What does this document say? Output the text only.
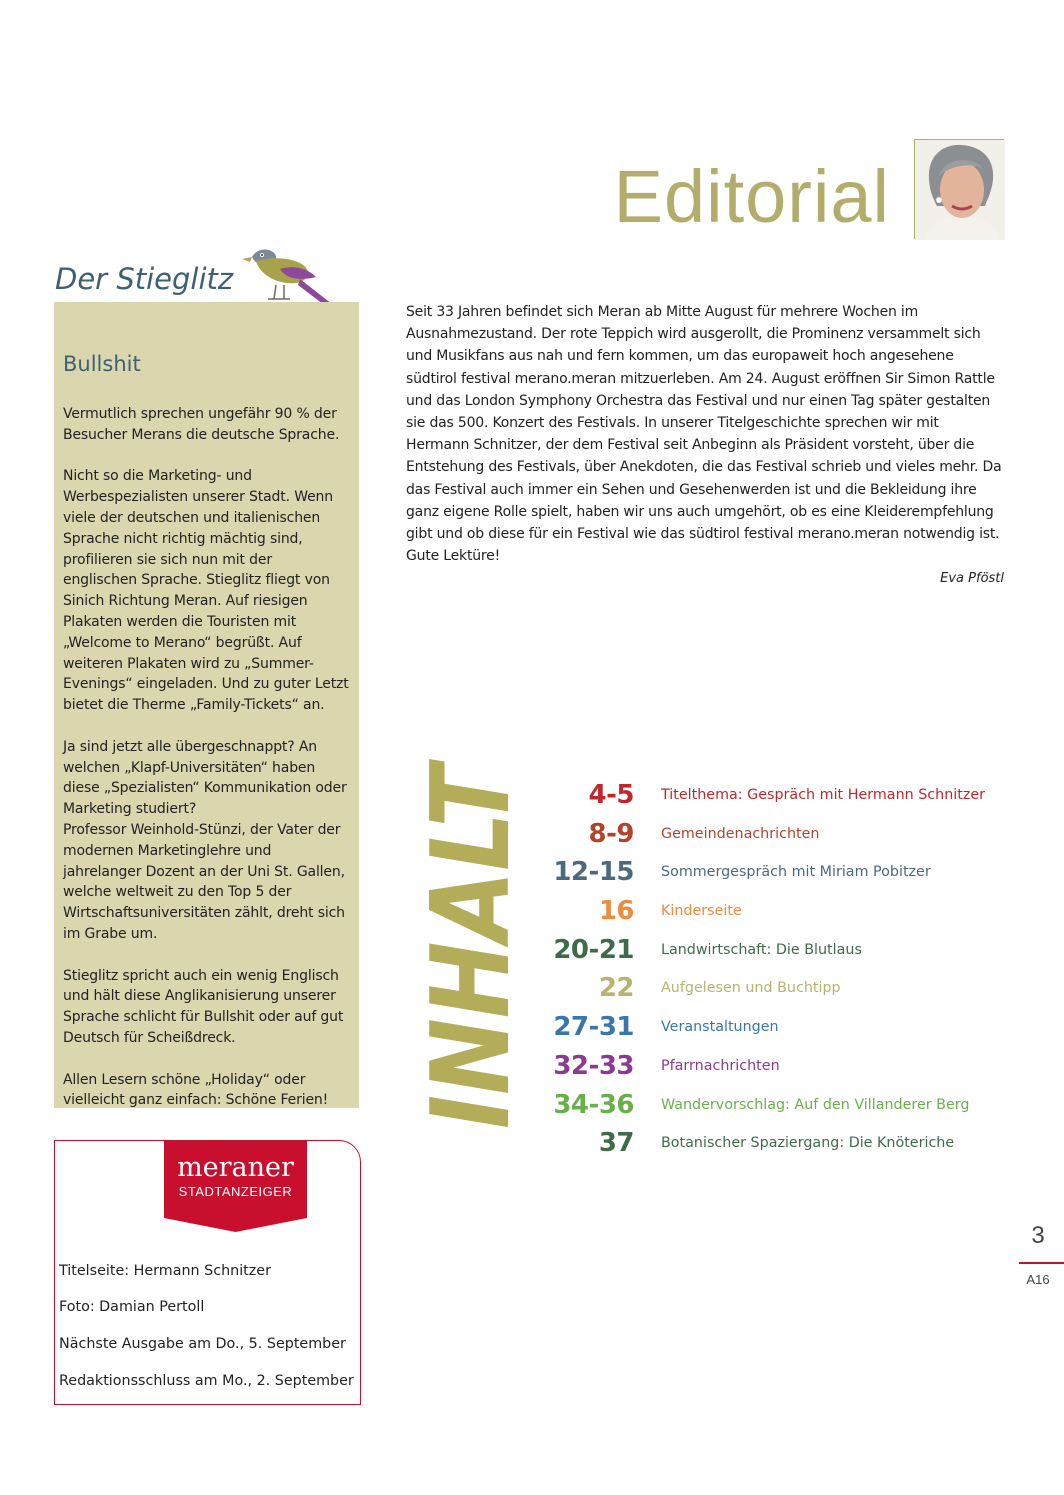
Editorial
Der Stieglitz
Bullshit

Vermutlich sprechen ungefähr 90 % der Besucher Merans die deutsche Sprache.

Nicht so die Marketing- und Werbespezialisten unserer Stadt. Wenn viele der deutschen und italienischen Sprache nicht richtig mächtig sind, profilieren sie sich nun mit der englischen Sprache. Stieglitz fliegt von Sinich Richtung Meran. Auf riesigen Plakaten werden die Touristen mit „Welcome to Merano“ begrüßt. Auf weiteren Plakaten wird zu „Summer-Evenings“ eingeladen. Und zu guter Letzt bietet die Therme „Family-Tickets“ an.

Ja sind jetzt alle übergeschnappt? An welchen „Klapf-Universitäten“ haben diese „Spezialisten“ Kommunikation oder Marketing studiert?
Professor Weinhold-Stünzi, der Vater der modernen Marketinglehre und jahrelanger Dozent an der Uni St. Gallen, welche weltweit zu den Top 5 der Wirtschaftsuniversitäten zählt, dreht sich im Grabe um.

Stieglitz spricht auch ein wenig Englisch und hält diese Anglikanisierung unserer Sprache schlicht für Bullshit oder auf gut Deutsch für Scheißdreck.

Allen Lesern schöne „Holiday“ oder vielleicht ganz einfach: Schöne Ferien!

Seit 33 Jahren befindet sich Meran ab Mitte August für mehrere Wochen im Ausnahmezustand. Der rote Teppich wird ausgerollt, die Prominenz versammelt sich und Musikfans aus nah und fern kommen, um das europaweit hoch angesehene südtirol festival merano.meran mitzuerleben. Am 24. August eröffnen Sir Simon Rattle und das London Symphony Orchestra das Festival und nur einen Tag später gestalten sie das 500. Konzert des Festivals. In unserer Titelgeschichte sprechen wir mit Hermann Schnitzer, der dem Festival seit Anbeginn als Präsident vorsteht, über die Entstehung des Festivals, über Anekdoten, die das Festival schrieb und vieles mehr. Da das Festival auch immer ein Sehen und Gesehenwerden ist und die Bekleidung ihre ganz eigene Rolle spielt, haben wir uns auch umgehört, ob es eine Kleiderempfehlung gibt und ob diese für ein Festival wie das südtirol festival merano.meran notwendig ist.

Gute Lektüre!

Eva Pföstl
INHALT	4-5 Titelthema: Gespräch mit Hermann Schnitzer
8-9 Gemeindenachrichten
12-15 Sommergespräch mit Miriam Pobitzer
16 Kinderseite
20-21 Landwirtschaft: Die Blutlaus
22 Aufgelesen und Buchtipp
27-31 Veranstaltungen
32-33 Pfarrnachrichten
34-36 Wandervorschlag: Auf den Villanderer Berg
37 Botanischer Spaziergang: Die Knöteriche
meraner
STADTANZEIGER
Titelseite: Hermann Schnitzer
Foto: Damian Pertoll
Nächste Ausgabe am Do., 5. September
Redaktionsschluss am Mo., 2. September
3
A16
